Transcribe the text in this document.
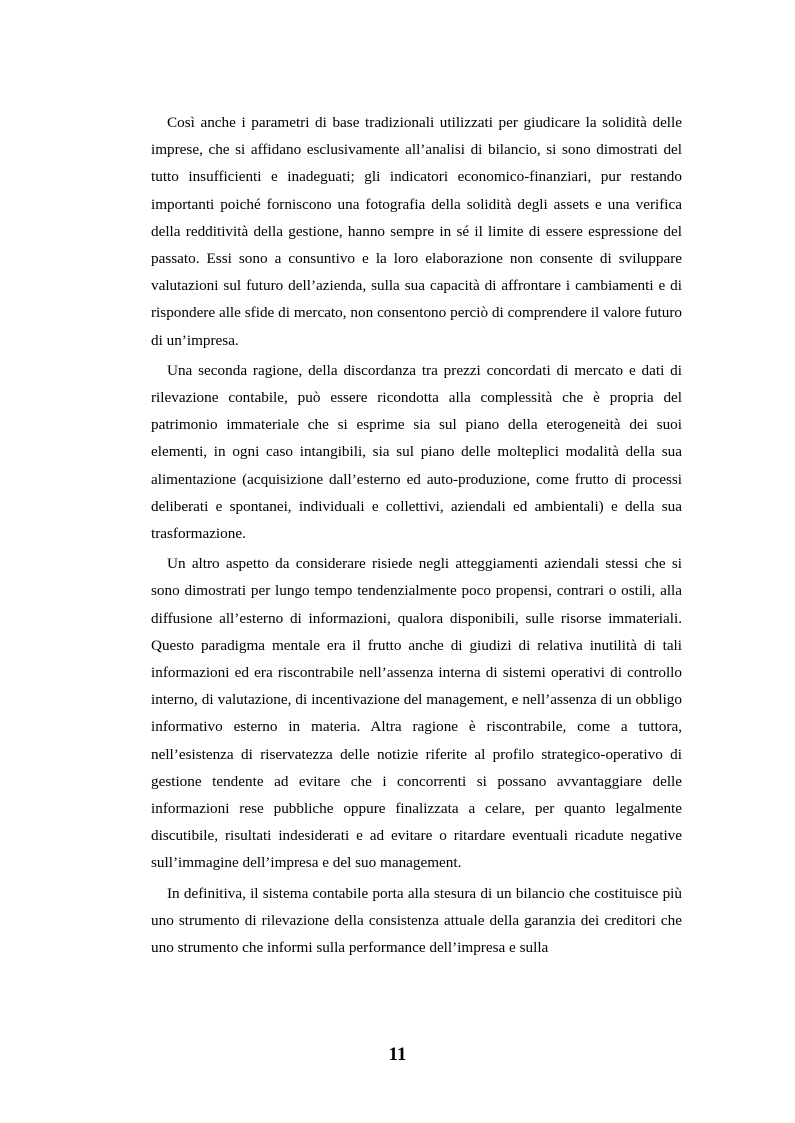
Così anche i parametri di base tradizionali utilizzati per giudicare la solidità delle imprese, che si affidano esclusivamente all’analisi di bilancio, si sono dimostrati del tutto insufficienti e inadeguati; gli indicatori economico-finanziari, pur restando importanti poiché forniscono una fotografia della solidità degli assets e una verifica della redditività della gestione, hanno sempre in sé il limite di essere espressione del passato. Essi sono a consuntivo e la loro elaborazione non consente di sviluppare valutazioni sul futuro dell’azienda, sulla sua capacità di affrontare i cambiamenti e di rispondere alle sfide di mercato, non consentono perciò di comprendere il valore futuro di un’impresa.

Una seconda ragione, della discordanza tra prezzi concordati di mercato e dati di rilevazione contabile, può essere ricondotta alla complessità che è propria del patrimonio immateriale che si esprime sia sul piano della eterogeneità dei suoi elementi, in ogni caso intangibili, sia sul piano delle molteplici modalità della sua alimentazione (acquisizione dall’esterno ed auto-produzione, come frutto di processi deliberati e spontanei, individuali e collettivi, aziendali ed ambientali) e della sua trasformazione.

Un altro aspetto da considerare risiede negli atteggiamenti aziendali stessi che si sono dimostrati per lungo tempo tendenzialmente poco propensi, contrari o ostili, alla diffusione all’esterno di informazioni, qualora disponibili, sulle risorse immateriali. Questo paradigma mentale era il frutto anche di giudizi di relativa inutilità di tali informazioni ed era riscontrabile nell’assenza interna di sistemi operativi di controllo interno, di valutazione, di incentivazione del management, e nell’assenza di un obbligo informativo esterno in materia. Altra ragione è riscontrabile, come a tuttora, nell’esistenza di riservatezza delle notizie riferite al profilo strategico-operativo di gestione tendente ad evitare che i concorrenti si possano avvantaggiare delle informazioni rese pubbliche oppure finalizzata a celare, per quanto legalmente discutibile, risultati indesiderati e ad evitare o ritardare eventuali ricadute negative sull’immagine dell’impresa e del suo management.

In definitiva, il sistema contabile porta alla stesura di un bilancio che costituisce più uno strumento di rilevazione della consistenza attuale della garanzia dei creditori che uno strumento che informi sulla performance dell’impresa e sulla

11
